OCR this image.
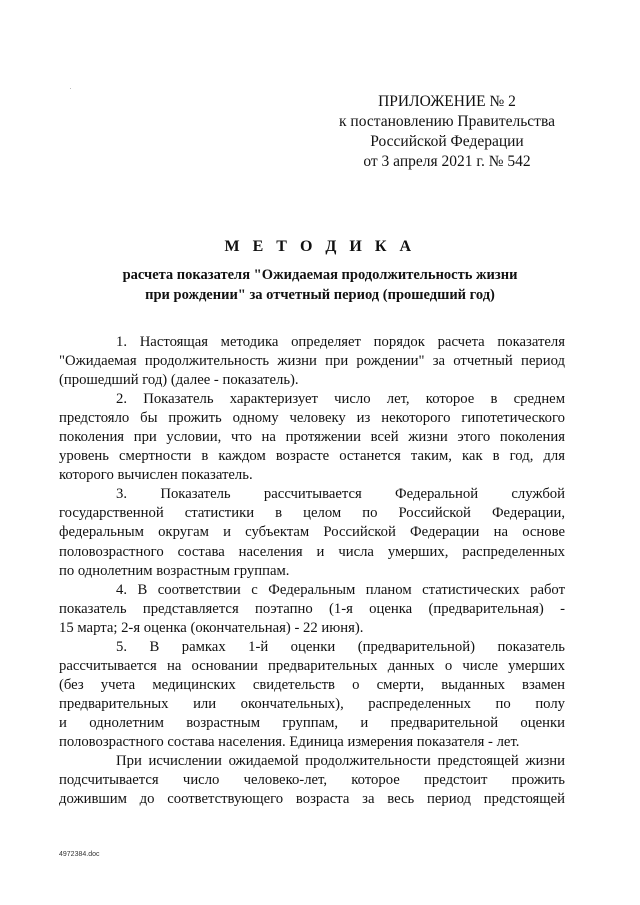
ПРИЛОЖЕНИЕ № 2
к постановлению Правительства
Российской Федерации
от 3 апреля 2021 г. № 542
М Е Т О Д И К А
расчета показателя "Ожидаемая продолжительность жизни
при рождении" за отчетный период (прошедший год)
1. Настоящая методика определяет порядок расчета показателя
"Ожидаемая продолжительность жизни при рождении" за отчетный период
(прошедший год) (далее - показатель).
2. Показатель характеризует число лет, которое в среднем
предстояло бы прожить одному человеку из некоторого гипотетического
поколения при условии, что на протяжении всей жизни этого поколения
уровень смертности в каждом возрасте останется таким, как в год, для
которого вычислен показатель.
3. Показатель рассчитывается Федеральной службой
государственной статистики в целом по Российской Федерации,
федеральным округам и субъектам Российской Федерации на основе
половозрастного состава населения и числа умерших, распределенных
по однолетним возрастным группам.
4. В соответствии с Федеральным планом статистических работ
показатель представляется поэтапно (1-я оценка (предварительная) -
15 марта; 2-я оценка (окончательная) - 22 июня).
5. В рамках 1-й оценки (предварительной) показатель
рассчитывается на основании предварительных данных о числе умерших
(без учета медицинских свидетельств о смерти, выданных взамен
предварительных или окончательных), распределенных по полу
и однолетним возрастным группам, и предварительной оценки
половозрастного состава населения. Единица измерения показателя - лет.
При исчислении ожидаемой продолжительности предстоящей жизни
подсчитывается число человеко-лет, которое предстоит прожить
дожившим до соответствующего возраста за весь период предстоящей
4972384.doc
